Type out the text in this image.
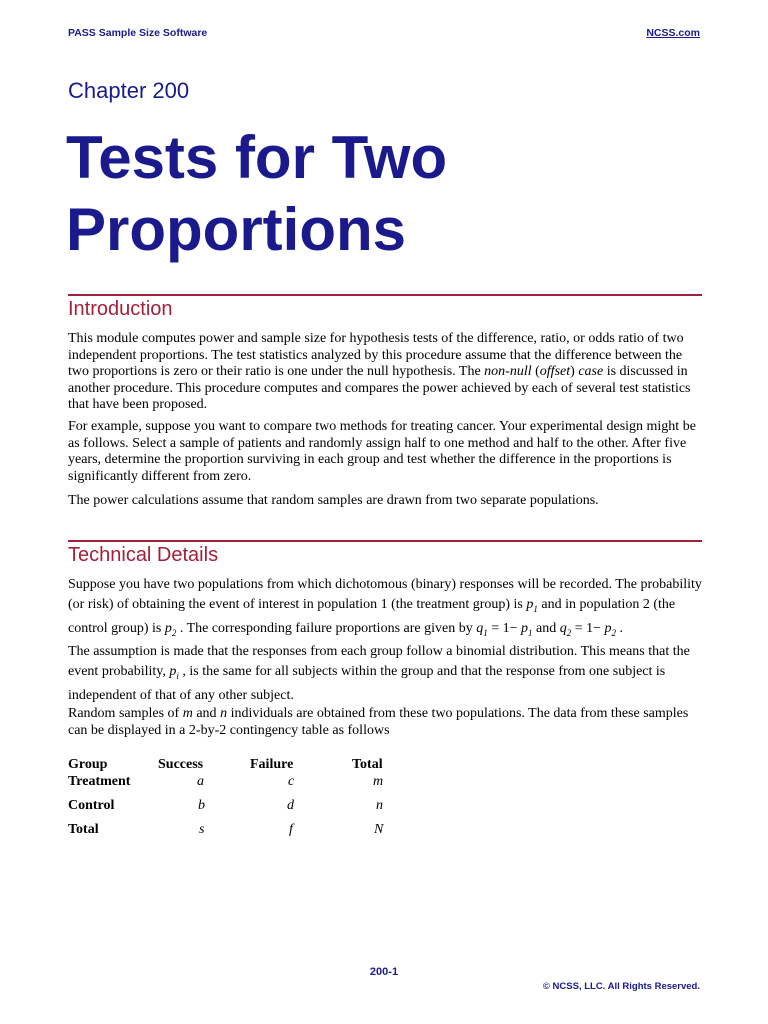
PASS Sample Size Software	NCSS.com
Chapter 200
Tests for Two Proportions
Introduction
This module computes power and sample size for hypothesis tests of the difference, ratio, or odds ratio of two independent proportions. The test statistics analyzed by this procedure assume that the difference between the two proportions is zero or their ratio is one under the null hypothesis. The non-null (offset) case is discussed in another procedure. This procedure computes and compares the power achieved by each of several test statistics that have been proposed.
For example, suppose you want to compare two methods for treating cancer. Your experimental design might be as follows. Select a sample of patients and randomly assign half to one method and half to the other. After five years, determine the proportion surviving in each group and test whether the difference in the proportions is significantly different from zero.
The power calculations assume that random samples are drawn from two separate populations.
Technical Details
Suppose you have two populations from which dichotomous (binary) responses will be recorded. The probability (or risk) of obtaining the event of interest in population 1 (the treatment group) is $p_1$ and in population 2 (the control group) is $p_2$ . The corresponding failure proportions are given by $q_1 = 1- p_1$ and $q_2 = 1- p_2$ .
The assumption is made that the responses from each group follow a binomial distribution. This means that the event probability, $p_i$ , is the same for all subjects within the group and that the response from one subject is independent of that of any other subject.
Random samples of m and n individuals are obtained from these two populations. The data from these samples can be displayed in a 2-by-2 contingency table as follows
Group	Success	Failure	Total
Treatment	a	c	m
Control	b	d	n
Total	s	f	N
200-1
© NCSS, LLC. All Rights Reserved.
